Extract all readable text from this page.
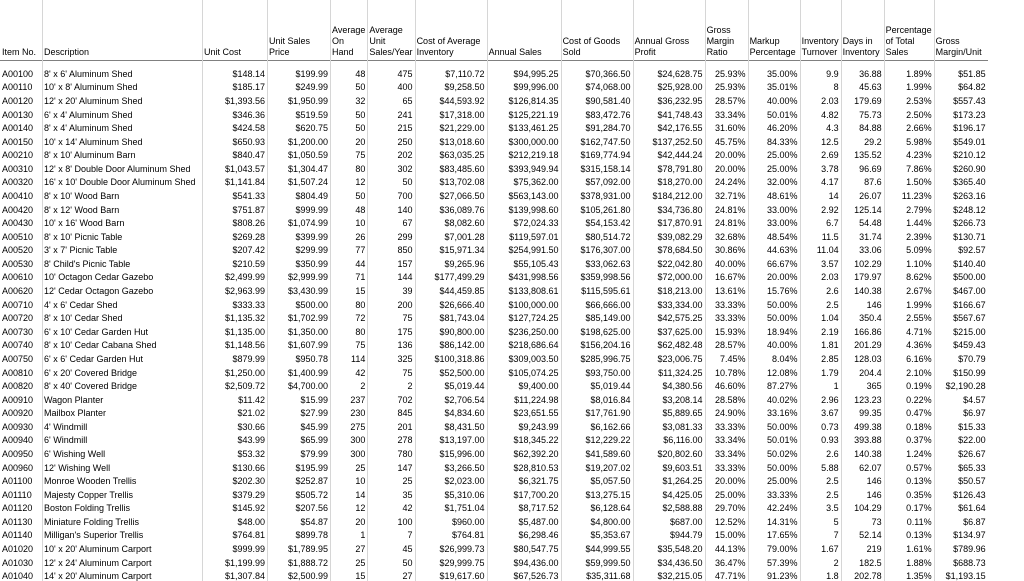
Item No.	Description	Unit Cost	Unit Sales Price	Average On Hand	Average Unit Sales/Year	Cost of Average Inventory	Annual Sales	Cost of Goods Sold	Annual Gross Profit	Gross Margin Ratio	Markup Percentage	Inventory Turnover	Days in Inventory	Percentage of Total Sales	Gross Margin/Unit

A00100	8' x 6' Aluminum Shed	$148.14	$199.99	48	475	$7,110.72	$94,995.25	$70,366.50	$24,628.75	25.93%	35.00%	9.9	36.88	1.89%	$51.85
A00110	10' x 8' Aluminum Shed	$185.17	$249.99	50	400	$9,258.50	$99,996.00	$74,068.00	$25,928.00	25.93%	35.01%	8	45.63	1.99%	$64.82
A00120	12' x 20' Aluminum Shed	$1,393.56	$1,950.99	32	65	$44,593.92	$126,814.35	$90,581.40	$36,232.95	28.57%	40.00%	2.03	179.69	2.53%	$557.43
A00130	6' x 4' Aluminum Shed	$346.36	$519.59	50	241	$17,318.00	$125,221.19	$83,472.76	$41,748.43	33.34%	50.01%	4.82	75.73	2.50%	$173.23
A00140	8' x 4' Aluminum Shed	$424.58	$620.75	50	215	$21,229.00	$133,461.25	$91,284.70	$42,176.55	31.60%	46.20%	4.3	84.88	2.66%	$196.17
A00150	10' x 14' Aluminum Shed	$650.93	$1,200.00	20	250	$13,018.60	$300,000.00	$162,747.50	$137,252.50	45.75%	84.33%	12.5	29.2	5.98%	$549.01
A00210	8' x 10' Aluminum Barn	$840.47	$1,050.59	75	202	$63,035.25	$212,219.18	$169,774.94	$42,444.24	20.00%	25.00%	2.69	135.52	4.23%	$210.12
A00310	12' x 8' Double Door Aluminum Shed	$1,043.57	$1,304.47	80	302	$83,485.60	$393,949.94	$315,158.14	$78,791.80	20.00%	25.00%	3.78	96.69	7.86%	$260.90
A00320	16' x 10' Double Door Aluminum Shed	$1,141.84	$1,507.24	12	50	$13,702.08	$75,362.00	$57,092.00	$18,270.00	24.24%	32.00%	4.17	87.6	1.50%	$365.40
A00410	8' x 10' Wood Barn	$541.33	$804.49	50	700	$27,066.50	$563,143.00	$378,931.00	$184,212.00	32.71%	48.61%	14	26.07	11.23%	$263.16
A00420	8' x 12' Wood Barn	$751.87	$999.99	48	140	$36,089.76	$139,998.60	$105,261.80	$34,736.80	24.81%	33.00%	2.92	125.14	2.79%	$248.12
A00430	10' x 16' Wood Barn	$808.26	$1,074.99	10	67	$8,082.60	$72,024.33	$54,153.42	$17,870.91	24.81%	33.00%	6.7	54.48	1.44%	$266.73
A00510	8' x 10' Picnic Table	$269.28	$399.99	26	299	$7,001.28	$119,597.01	$80,514.72	$39,082.29	32.68%	48.54%	11.5	31.74	2.39%	$130.71
A00520	3' x 7' Picnic Table	$207.42	$299.99	77	850	$15,971.34	$254,991.50	$176,307.00	$78,684.50	30.86%	44.63%	11.04	33.06	5.09%	$92.57
A00530	8' Child's Picnic Table	$210.59	$350.99	44	157	$9,265.96	$55,105.43	$33,062.63	$22,042.80	40.00%	66.67%	3.57	102.29	1.10%	$140.40
A00610	10' Octagon Cedar Gazebo	$2,499.99	$2,999.99	71	144	$177,499.29	$431,998.56	$359,998.56	$72,000.00	16.67%	20.00%	2.03	179.97	8.62%	$500.00
A00620	12' Cedar Octagon Gazebo	$2,963.99	$3,430.99	15	39	$44,459.85	$133,808.61	$115,595.61	$18,213.00	13.61%	15.76%	2.6	140.38	2.67%	$467.00
A00710	4' x 6' Cedar Shed	$333.33	$500.00	80	200	$26,666.40	$100,000.00	$66,666.00	$33,334.00	33.33%	50.00%	2.5	146	1.99%	$166.67
A00720	8' x 10' Cedar Shed	$1,135.32	$1,702.99	72	75	$81,743.04	$127,724.25	$85,149.00	$42,575.25	33.33%	50.00%	1.04	350.4	2.55%	$567.67
A00730	6' x 10' Cedar Garden Hut	$1,135.00	$1,350.00	80	175	$90,800.00	$236,250.00	$198,625.00	$37,625.00	15.93%	18.94%	2.19	166.86	4.71%	$215.00
A00740	8' x 10' Cedar Cabana Shed	$1,148.56	$1,607.99	75	136	$86,142.00	$218,686.64	$156,204.16	$62,482.48	28.57%	40.00%	1.81	201.29	4.36%	$459.43
A00750	6' x 6' Cedar Garden Hut	$879.99	$950.78	114	325	$100,318.86	$309,003.50	$285,996.75	$23,006.75	7.45%	8.04%	2.85	128.03	6.16%	$70.79
A00810	6' x 20' Covered Bridge	$1,250.00	$1,400.99	42	75	$52,500.00	$105,074.25	$93,750.00	$11,324.25	10.78%	12.08%	1.79	204.4	2.10%	$150.99
A00820	8' x 40' Covered Bridge	$2,509.72	$4,700.00	2	2	$5,019.44	$9,400.00	$5,019.44	$4,380.56	46.60%	87.27%	1	365	0.19%	$2,190.28
A00910	Wagon Planter	$11.42	$15.99	237	702	$2,706.54	$11,224.98	$8,016.84	$3,208.14	28.58%	40.02%	2.96	123.23	0.22%	$4.57
A00920	Mailbox Planter	$21.02	$27.99	230	845	$4,834.60	$23,651.55	$17,761.90	$5,889.65	24.90%	33.16%	3.67	99.35	0.47%	$6.97
A00930	4' Windmill	$30.66	$45.99	275	201	$8,431.50	$9,243.99	$6,162.66	$3,081.33	33.33%	50.00%	0.73	499.38	0.18%	$15.33
A00940	6' Windmill	$43.99	$65.99	300	278	$13,197.00	$18,345.22	$12,229.22	$6,116.00	33.34%	50.01%	0.93	393.88	0.37%	$22.00
A00950	6' Wishing Well	$53.32	$79.99	300	780	$15,996.00	$62,392.20	$41,589.60	$20,802.60	33.34%	50.02%	2.6	140.38	1.24%	$26.67
A00960	12' Wishing Well	$130.66	$195.99	25	147	$3,266.50	$28,810.53	$19,207.02	$9,603.51	33.33%	50.00%	5.88	62.07	0.57%	$65.33
A01100	Monroe Wooden Trellis	$202.30	$252.87	10	25	$2,023.00	$6,321.75	$5,057.50	$1,264.25	20.00%	25.00%	2.5	146	0.13%	$50.57
A01110	Majesty Copper Trellis	$379.29	$505.72	14	35	$5,310.06	$17,700.20	$13,275.15	$4,425.05	25.00%	33.33%	2.5	146	0.35%	$126.43
A01120	Boston Folding Trellis	$145.92	$207.56	12	42	$1,751.04	$8,717.52	$6,128.64	$2,588.88	29.70%	42.24%	3.5	104.29	0.17%	$61.64
A01130	Miniature Folding Trellis	$48.00	$54.87	20	100	$960.00	$5,487.00	$4,800.00	$687.00	12.52%	14.31%	5	73	0.11%	$6.87
A01140	Milligan's Superior Trellis	$764.81	$899.78	1	7	$764.81	$6,298.46	$5,353.67	$944.79	15.00%	17.65%	7	52.14	0.13%	$134.97
A01020	10' x 20' Aluminum Carport	$999.99	$1,789.95	27	45	$26,999.73	$80,547.75	$44,999.55	$35,548.20	44.13%	79.00%	1.67	219	1.61%	$789.96
A01030	12' x 24' Aluminum Carport	$1,199.99	$1,888.72	25	50	$29,999.75	$94,436.00	$59,999.50	$34,436.50	36.47%	57.39%	2	182.5	1.88%	$688.73
A01040	14' x 20' Aluminum Carport	$1,307.84	$2,500.99	15	27	$19,617.60	$67,526.73	$35,311.68	$32,215.05	47.71%	91.23%	1.8	202.78	1.35%	$1,193.15
